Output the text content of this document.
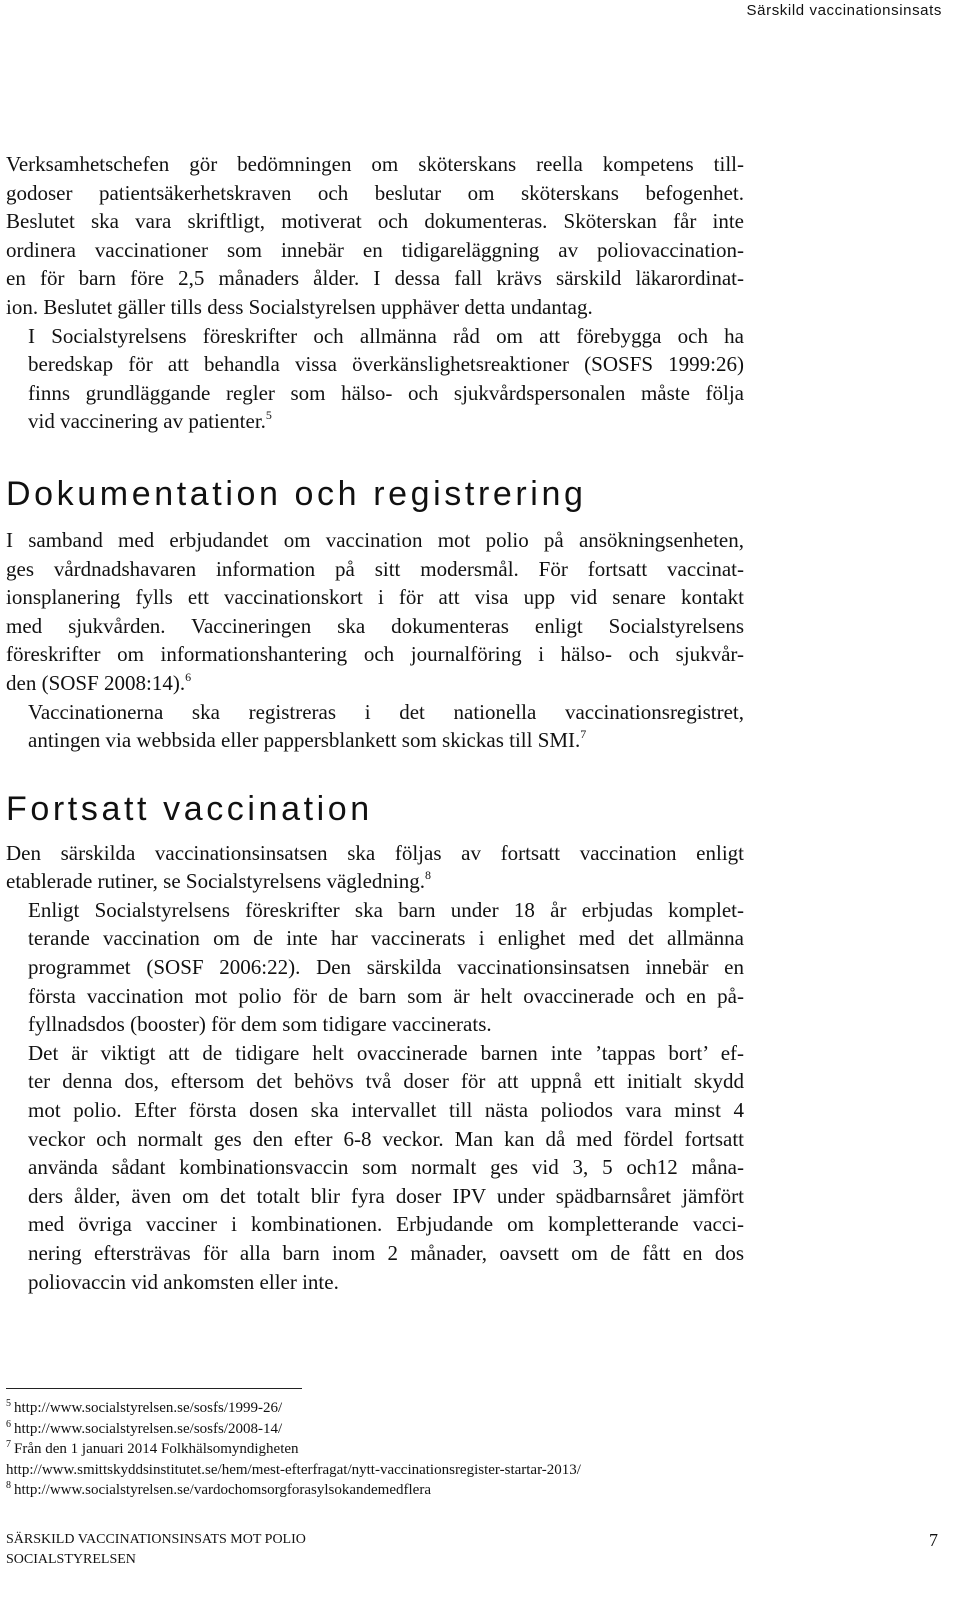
Särskild vaccinationsinsats

Verksamhetschefen gör bedömningen om sköterskans reella kompetens till-
godoser patientsäkerhetskraven och beslutar om sköterskans befogenhet.
Beslutet ska vara skriftligt, motiverat och dokumenteras. Sköterskan får inte
ordinera vaccinationer som innebär en tidigareläggning av poliovaccination-
en för barn före 2,5 månaders ålder. I dessa fall krävs särskild läkarordinat-
ion. Beslutet gäller tills dess Socialstyrelsen upphäver detta undantag.

I Socialstyrelsens föreskrifter och allmänna råd om att förebygga och ha
beredskap för att behandla vissa överkänslighetsreaktioner (SOSFS 1999:26)
finns grundläggande regler som hälso- och sjukvårdspersonalen måste följa
vid vaccinering av patienter.$^5$

Dokumentation och registrering

I samband med erbjudandet om vaccination mot polio på ansökningsenheten,
ges vårdnadshavaren information på sitt modersmål. För fortsatt vaccinat-
ionsplanering fylls ett vaccinationskort i för att visa upp vid senare kontakt
med sjukvården. Vaccineringen ska dokumenteras enligt Socialstyrelsens
föreskrifter om informationshantering och journalföring i hälso- och sjukvår-
den (SOSF 2008:14).$^6$

Vaccinationerna ska registreras i det nationella vaccinationsregistret,
antingen via webbsida eller pappersblankett som skickas till SMI.$^7$

Fortsatt vaccination

Den särskilda vaccinationsinsatsen ska följas av fortsatt vaccination enligt
etablerade rutiner, se Socialstyrelsens vägledning.$^8$

Enligt Socialstyrelsens föreskrifter ska barn under 18 år erbjudas komplet-
terande vaccination om de inte har vaccinerats i enlighet med det allmänna
programmet (SOSF 2006:22). Den särskilda vaccinationsinsatsen innebär en
första vaccination mot polio för de barn som är helt ovaccinerade och en på-
fyllnadsdos (booster) för dem som tidigare vaccinerats.

Det är viktigt att de tidigare helt ovaccinerade barnen inte ’tappas bort’ ef-
ter denna dos, eftersom det behövs två doser för att uppnå ett initialt skydd
mot polio. Efter första dosen ska intervallet till nästa poliodos vara minst 4
veckor och normalt ges den efter 6-8 veckor. Man kan då med fördel fortsatt
använda sådant kombinationsvaccin som normalt ges vid 3, 5 och12 måna-
ders ålder, även om det totalt blir fyra doser IPV under spädbarnsåret jämfört
med övriga vacciner i kombinationen. Erbjudande om kompletterande vacci-
nering eftersträvas för alla barn inom 2 månader, oavsett om de fått en dos
poliovaccin vid ankomsten eller inte.

$^5$ http://www.socialstyrelsen.se/sosfs/1999-26/
$^6$ http://www.socialstyrelsen.se/sosfs/2008-14/
$^7$ Från den 1 januari 2014 Folkhälsomyndigheten
http://www.smittskyddsinstitutet.se/hem/mest-efterfragat/nytt-vaccinationsregister-startar-2013/
$^8$ http://www.socialstyrelsen.se/vardochomsorgforasylsokandemedflera
SÄRSKILD VACCINATIONSINSATS MOT POLIO
SOCIALSTYRELSEN
7
